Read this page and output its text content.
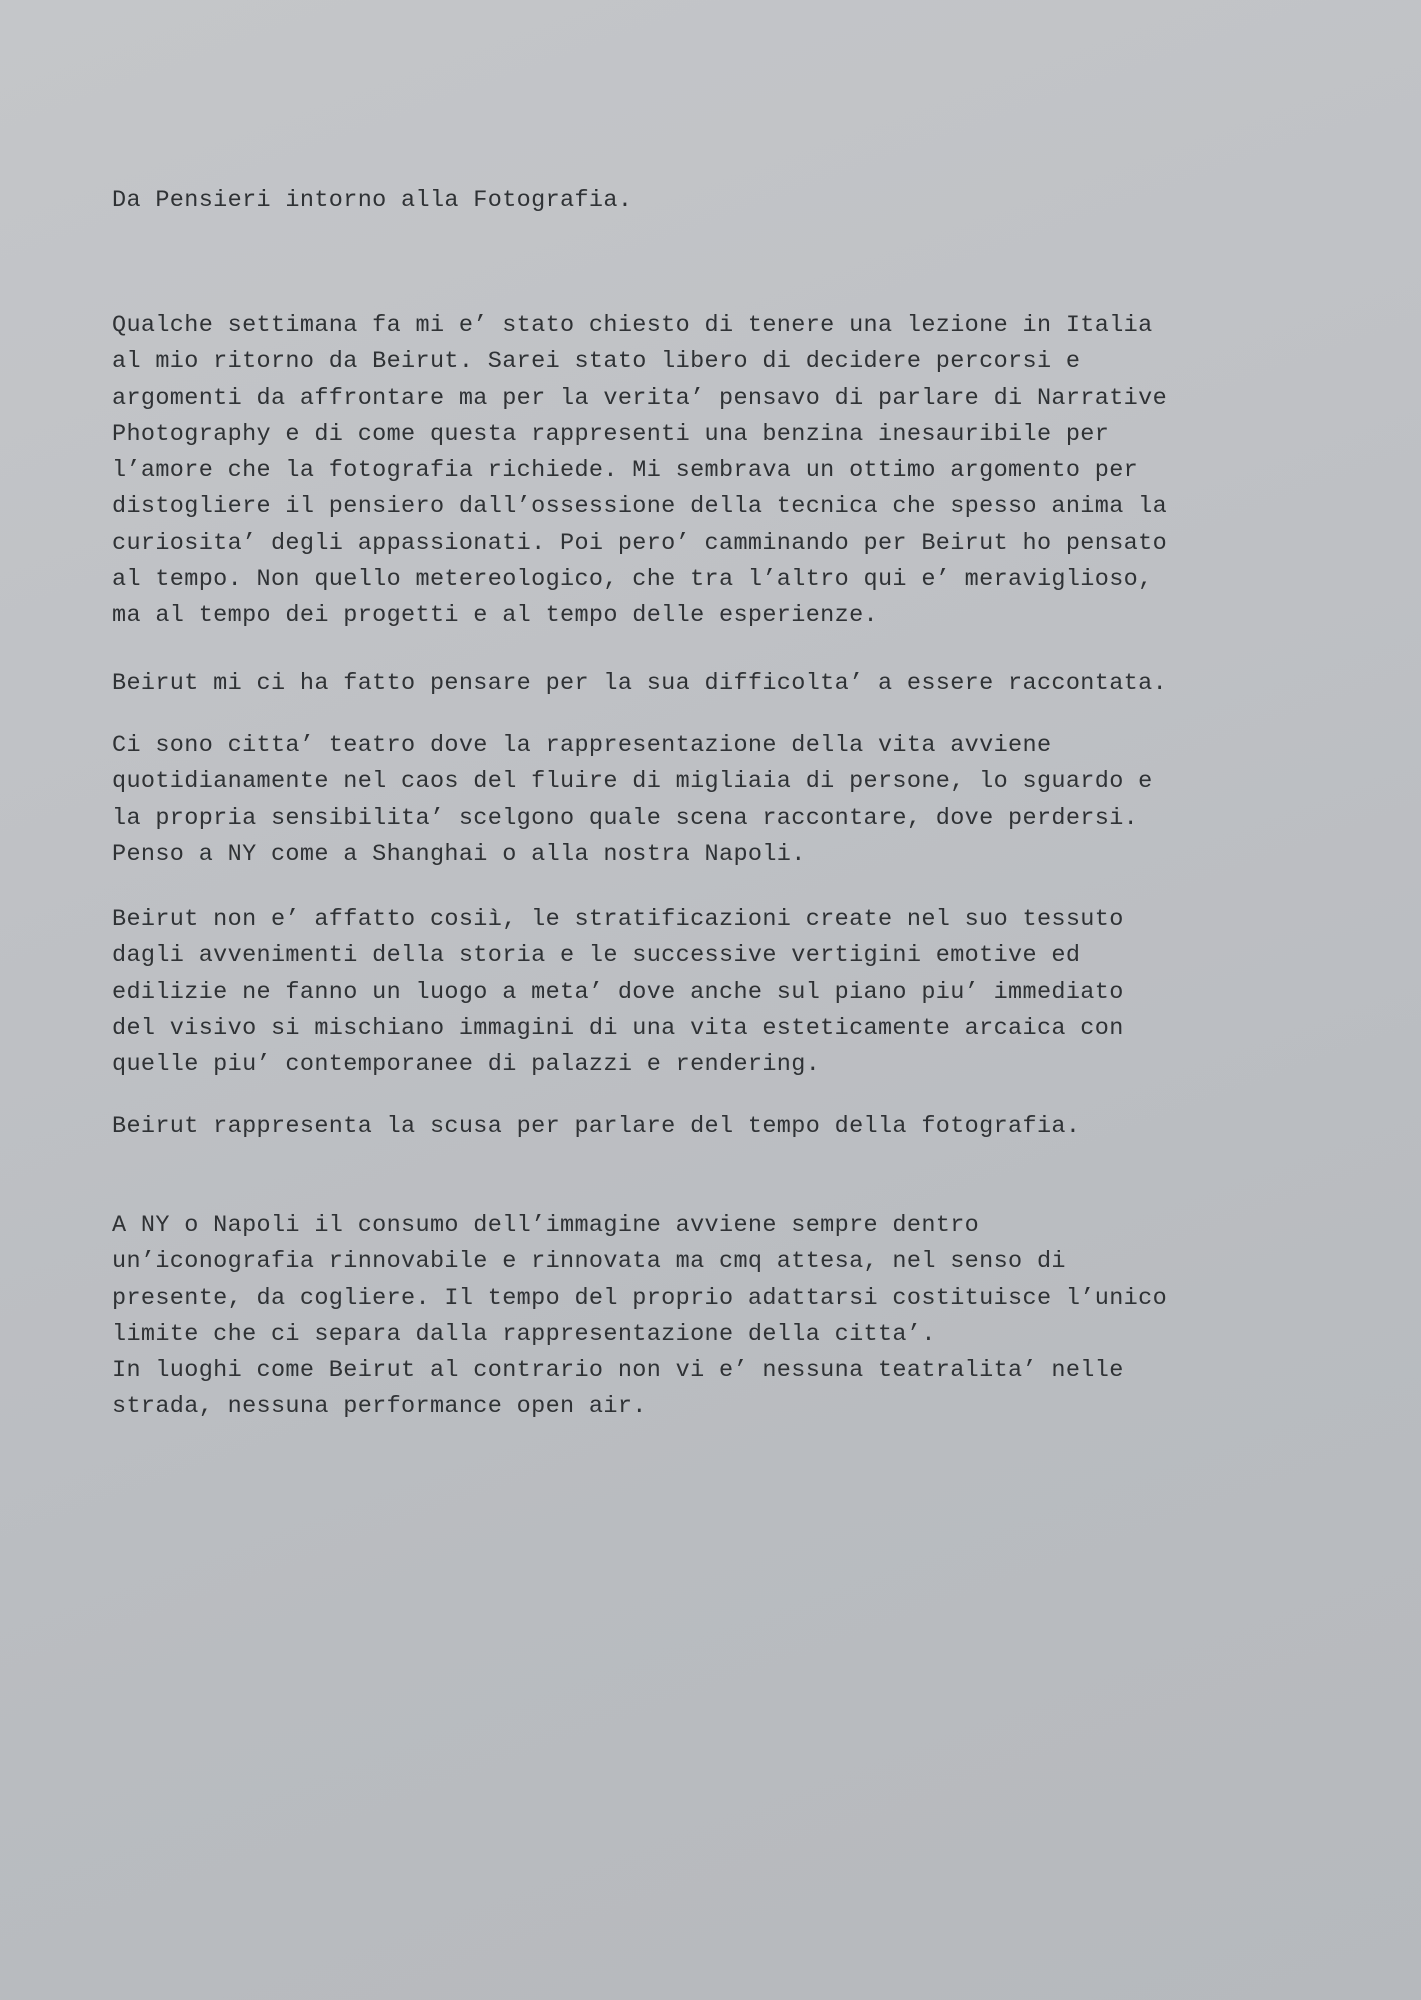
Da Pensieri intorno alla Fotografia.

Qualche settimana fa mi e’ stato chiesto di tenere una lezione in Italia
al mio ritorno da Beirut. Sarei stato libero di decidere percorsi e
argomenti da affrontare ma per la verita’ pensavo di parlare di Narrative
Photography e di come questa rappresenti una benzina inesauribile per
l’amore che la fotografia richiede. Mi sembrava un ottimo argomento per
distogliere il pensiero dall’ossessione della tecnica che spesso anima la
curiosita’ degli appassionati. Poi pero’ camminando per Beirut ho pensato
al tempo. Non quello metereologico, che tra l’altro qui e’ meraviglioso,
ma al tempo dei progetti e al tempo delle esperienze.

Beirut mi ci ha fatto pensare per la sua difficolta’ a essere raccontata.

Ci sono citta’ teatro dove la rappresentazione della vita avviene
quotidianamente nel caos del fluire di migliaia di persone, lo sguardo e
la propria sensibilita’ scelgono quale scena raccontare, dove perdersi.
Penso a NY come a Shanghai o alla nostra Napoli.

Beirut non e’ affatto cosiì, le stratificazioni create nel suo tessuto
dagli avvenimenti della storia e le successive vertigini emotive ed
edilizie ne fanno un luogo a meta’ dove anche sul piano piu’ immediato
del visivo si mischiano immagini di una vita esteticamente arcaica con
quelle piu’ contemporanee di palazzi e rendering.

Beirut rappresenta la scusa per parlare del tempo della fotografia.

A NY o Napoli il consumo dell’immagine avviene sempre dentro
un’iconografia rinnovabile e rinnovata ma cmq attesa, nel senso di
presente, da cogliere. Il tempo del proprio adattarsi costituisce l’unico
limite che ci separa dalla rappresentazione della citta’.
In luoghi come Beirut al contrario non vi e’ nessuna teatralita’ nelle
strada, nessuna performance open air.
